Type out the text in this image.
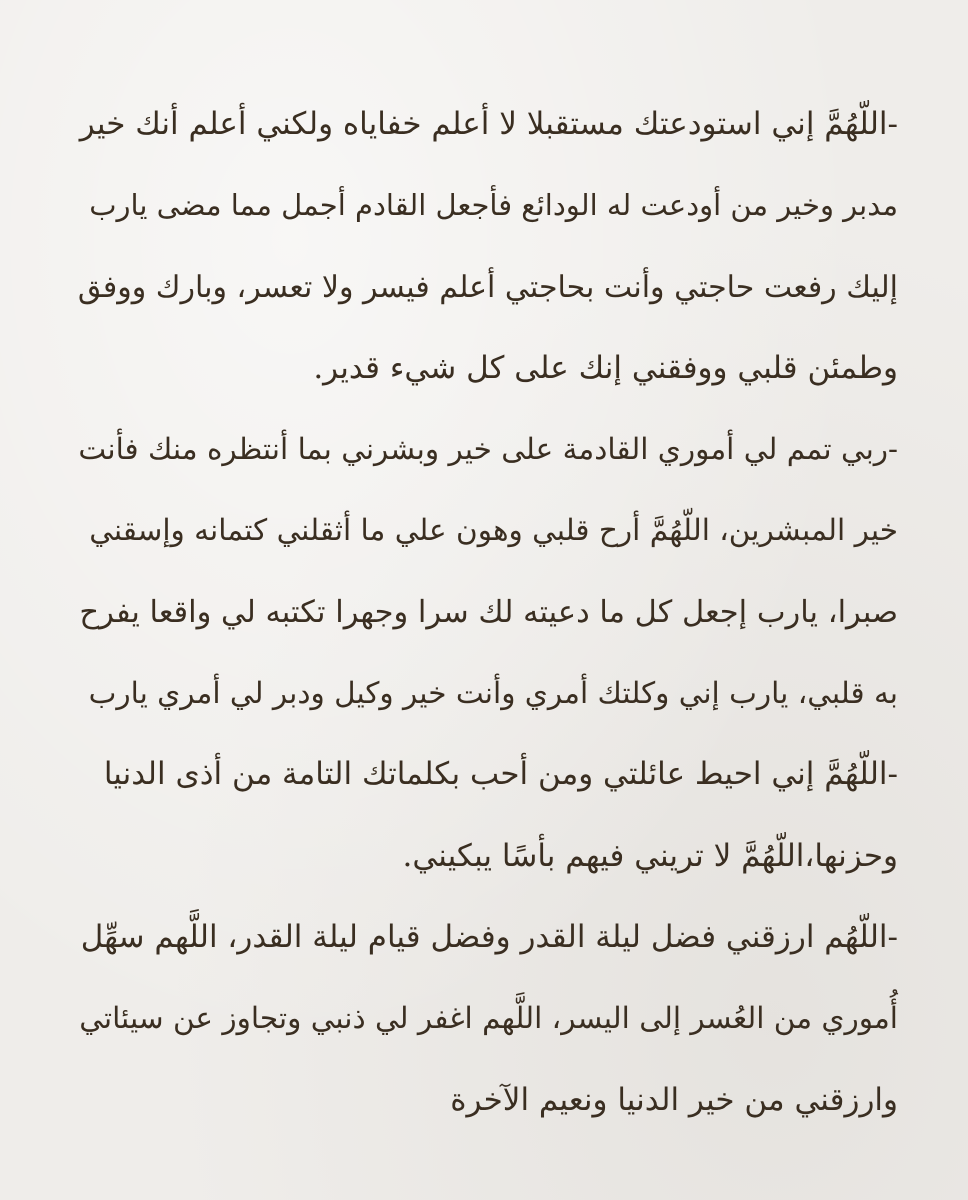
-اللّهُمَّ إني استودعتك مستقبلا لا أعلم خفاياه ولكني أعلم أنك خير
مدبر وخير من أودعت له الودائع فأجعل القادم أجمل مما مضى يارب
إليك رفعت حاجتي وأنت بحاجتي أعلم فيسر ولا تعسر، وبارك ووفق
وطمئن قلبي ووفقني إنك على كل شيء قدير.
-ربي تمم لي أموري القادمة على خير وبشرني بما أنتظره منك فأنت
خير المبشرين، اللّهُمَّ أرح قلبي وهون علي ما أثقلني كتمانه وإسقني
صبرا، يارب إجعل كل ما دعيته لك سرا وجهرا تكتبه لي واقعا يفرح
به قلبي، يارب إني وكلتك أمري وأنت خير وكيل ودبر لي أمري يارب
-اللّهُمَّ إني احيط عائلتي ومن أحب بكلماتك التامة من أذى الدنيا
وحزنها،اللّهُمَّ لا تريني فيهم بأسًا يبكيني.
-اللّهُم ارزقني فضل ليلة القدر وفضل قيام ليلة القدر، اللَّهم سهِّل
أُموري من العُسر إلى اليسر، اللَّهم اغفر لي ذنبي وتجاوز عن سيئاتي
وارزقني من خير الدنيا ونعيم الآخرة
